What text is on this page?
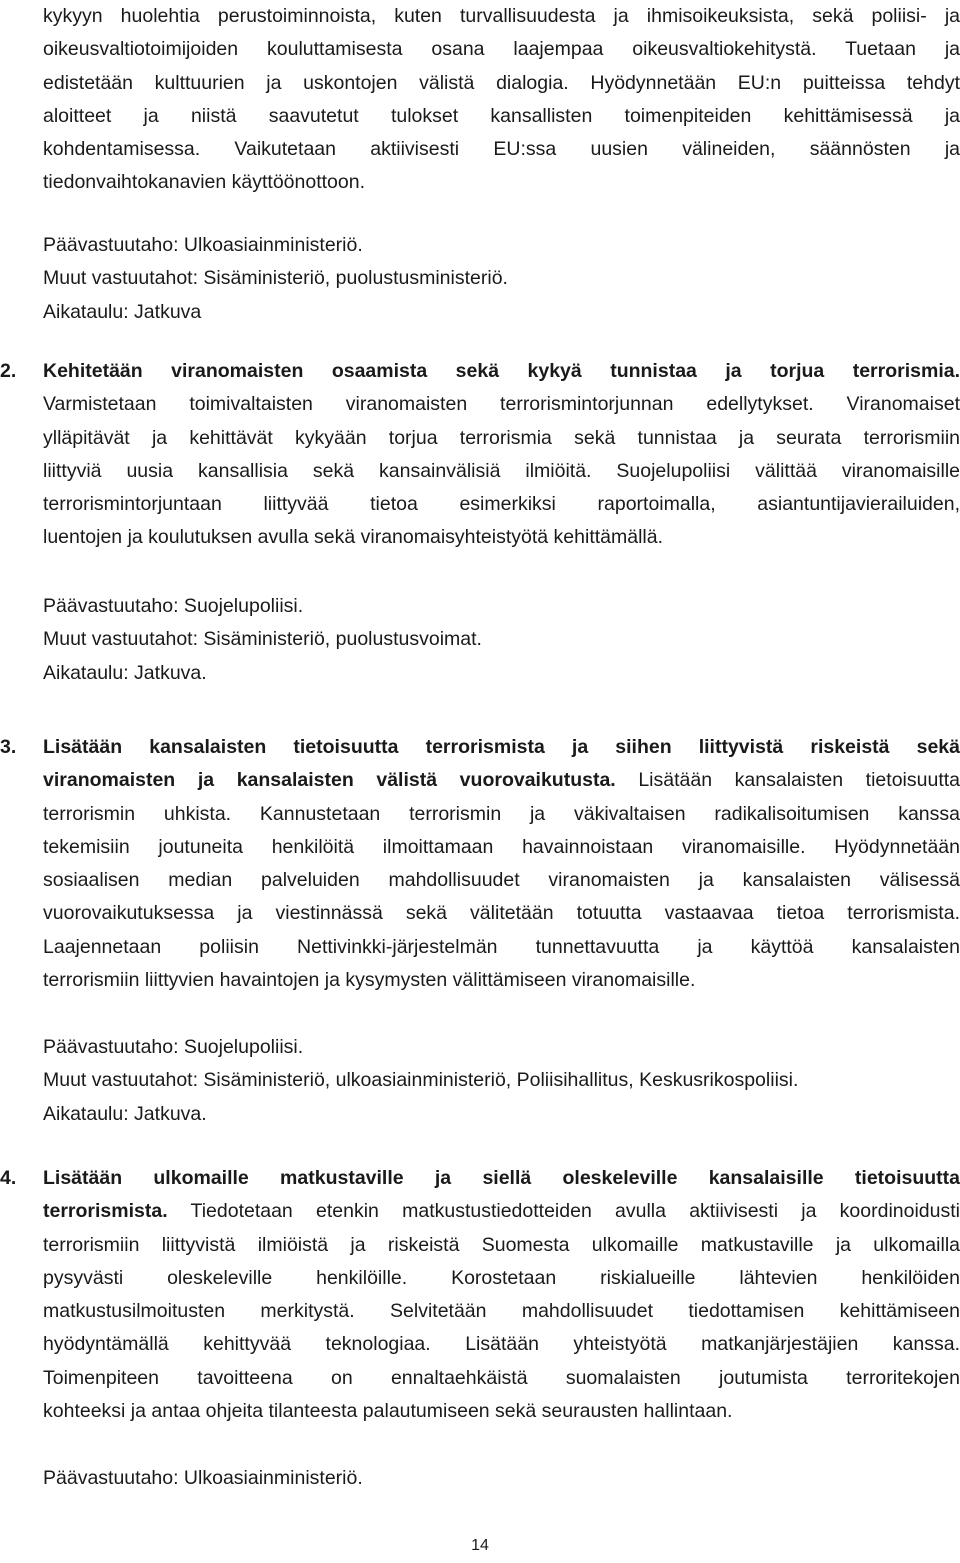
kykyyn huolehtia perustoiminnoista, kuten turvallisuudesta ja ihmisoikeuksista, sekä poliisi- ja
oikeusvaltiotoimijoiden kouluttamisesta osana laajempaa oikeusvaltiokehitystä. Tuetaan ja
edistetään kulttuurien ja uskontojen välistä dialogia. Hyödynnetään EU:n puitteissa tehdyt
aloitteet ja niistä saavutetut tulokset kansallisten toimenpiteiden kehittämisessä ja
kohdentamisessa. Vaikutetaan aktiivisesti EU:ssa uusien välineiden, säännösten ja
tiedonvaihtokanavien käyttöönottoon.
Päävastuutaho: Ulkoasiainministeriö.
Muut vastuutahot: Sisäministeriö, puolustusministeriö.
Aikataulu: Jatkuva
2. Kehitetään viranomaisten osaamista sekä kykyä tunnistaa ja torjua terrorismia.
Varmistetaan toimivaltaisten viranomaisten terrorismintorjunnan edellytykset. Viranomaiset
ylläpitävät ja kehittävät kykyään torjua terrorismia sekä tunnistaa ja seurata terrorismiin
liittyviä uusia kansallisia sekä kansainvälisiä ilmiöitä. Suojelupoliisi välittää viranomaisille
terrorismintorjuntaan liittyvää tietoa esimerkiksi raportoimalla, asiantuntijavierailuiden,
luentojen ja koulutuksen avulla sekä viranomaisyhteistyötä kehittämällä.
Päävastuutaho: Suojelupoliisi.
Muut vastuutahot: Sisäministeriö, puolustusvoimat.
Aikataulu: Jatkuva.
3. Lisätään kansalaisten tietoisuutta terrorismista ja siihen liittyvistä riskeistä sekä
viranomaisten ja kansalaisten välistä vuorovaikutusta. Lisätään kansalaisten tietoisuutta
terrorismin uhkista. Kannustetaan terrorismin ja väkivaltaisen radikalisoitumisen kanssa
tekemisiin joutuneita henkilöitä ilmoittamaan havainnoistaan viranomaisille. Hyödynnetään
sosiaalisen median palveluiden mahdollisuudet viranomaisten ja kansalaisten välisessä
vuorovaikutuksessa ja viestinnässä sekä välitetään totuutta vastaavaa tietoa terrorismista.
Laajennetaan poliisin Nettivinkki-järjestelmän tunnettavuutta ja käyttöä kansalaisten
terrorismiin liittyvien havaintojen ja kysymysten välittämiseen viranomaisille.
Päävastuutaho: Suojelupoliisi.
Muut vastuutahot: Sisäministeriö, ulkoasiainministeriö, Poliisihallitus, Keskusrikospoliisi.
Aikataulu: Jatkuva.
4. Lisätään ulkomaille matkustaville ja siellä oleskeleville kansalaisille tietoisuutta
terrorismista. Tiedotetaan etenkin matkustustiedotteiden avulla aktiivisesti ja koordinoidusti
terrorismiin liittyvistä ilmiöistä ja riskeistä Suomesta ulkomaille matkustaville ja ulkomailla
pysyvästi oleskeleville henkilöille. Korostetaan riskialueille lähtevien henkilöiden
matkustusilmoitusten merkitystä. Selvitetään mahdollisuudet tiedottamisen kehittämiseen
hyödyntämällä kehittyvää teknologiaa. Lisätään yhteistyötä matkanjärjestäjien kanssa.
Toimenpiteen tavoitteena on ennaltaehkäistä suomalaisten joutumista terroritekojen
kohteeksi ja antaa ohjeita tilanteesta palautumiseen sekä seurausten hallintaan.
Päävastuutaho: Ulkoasiainministeriö.
14
